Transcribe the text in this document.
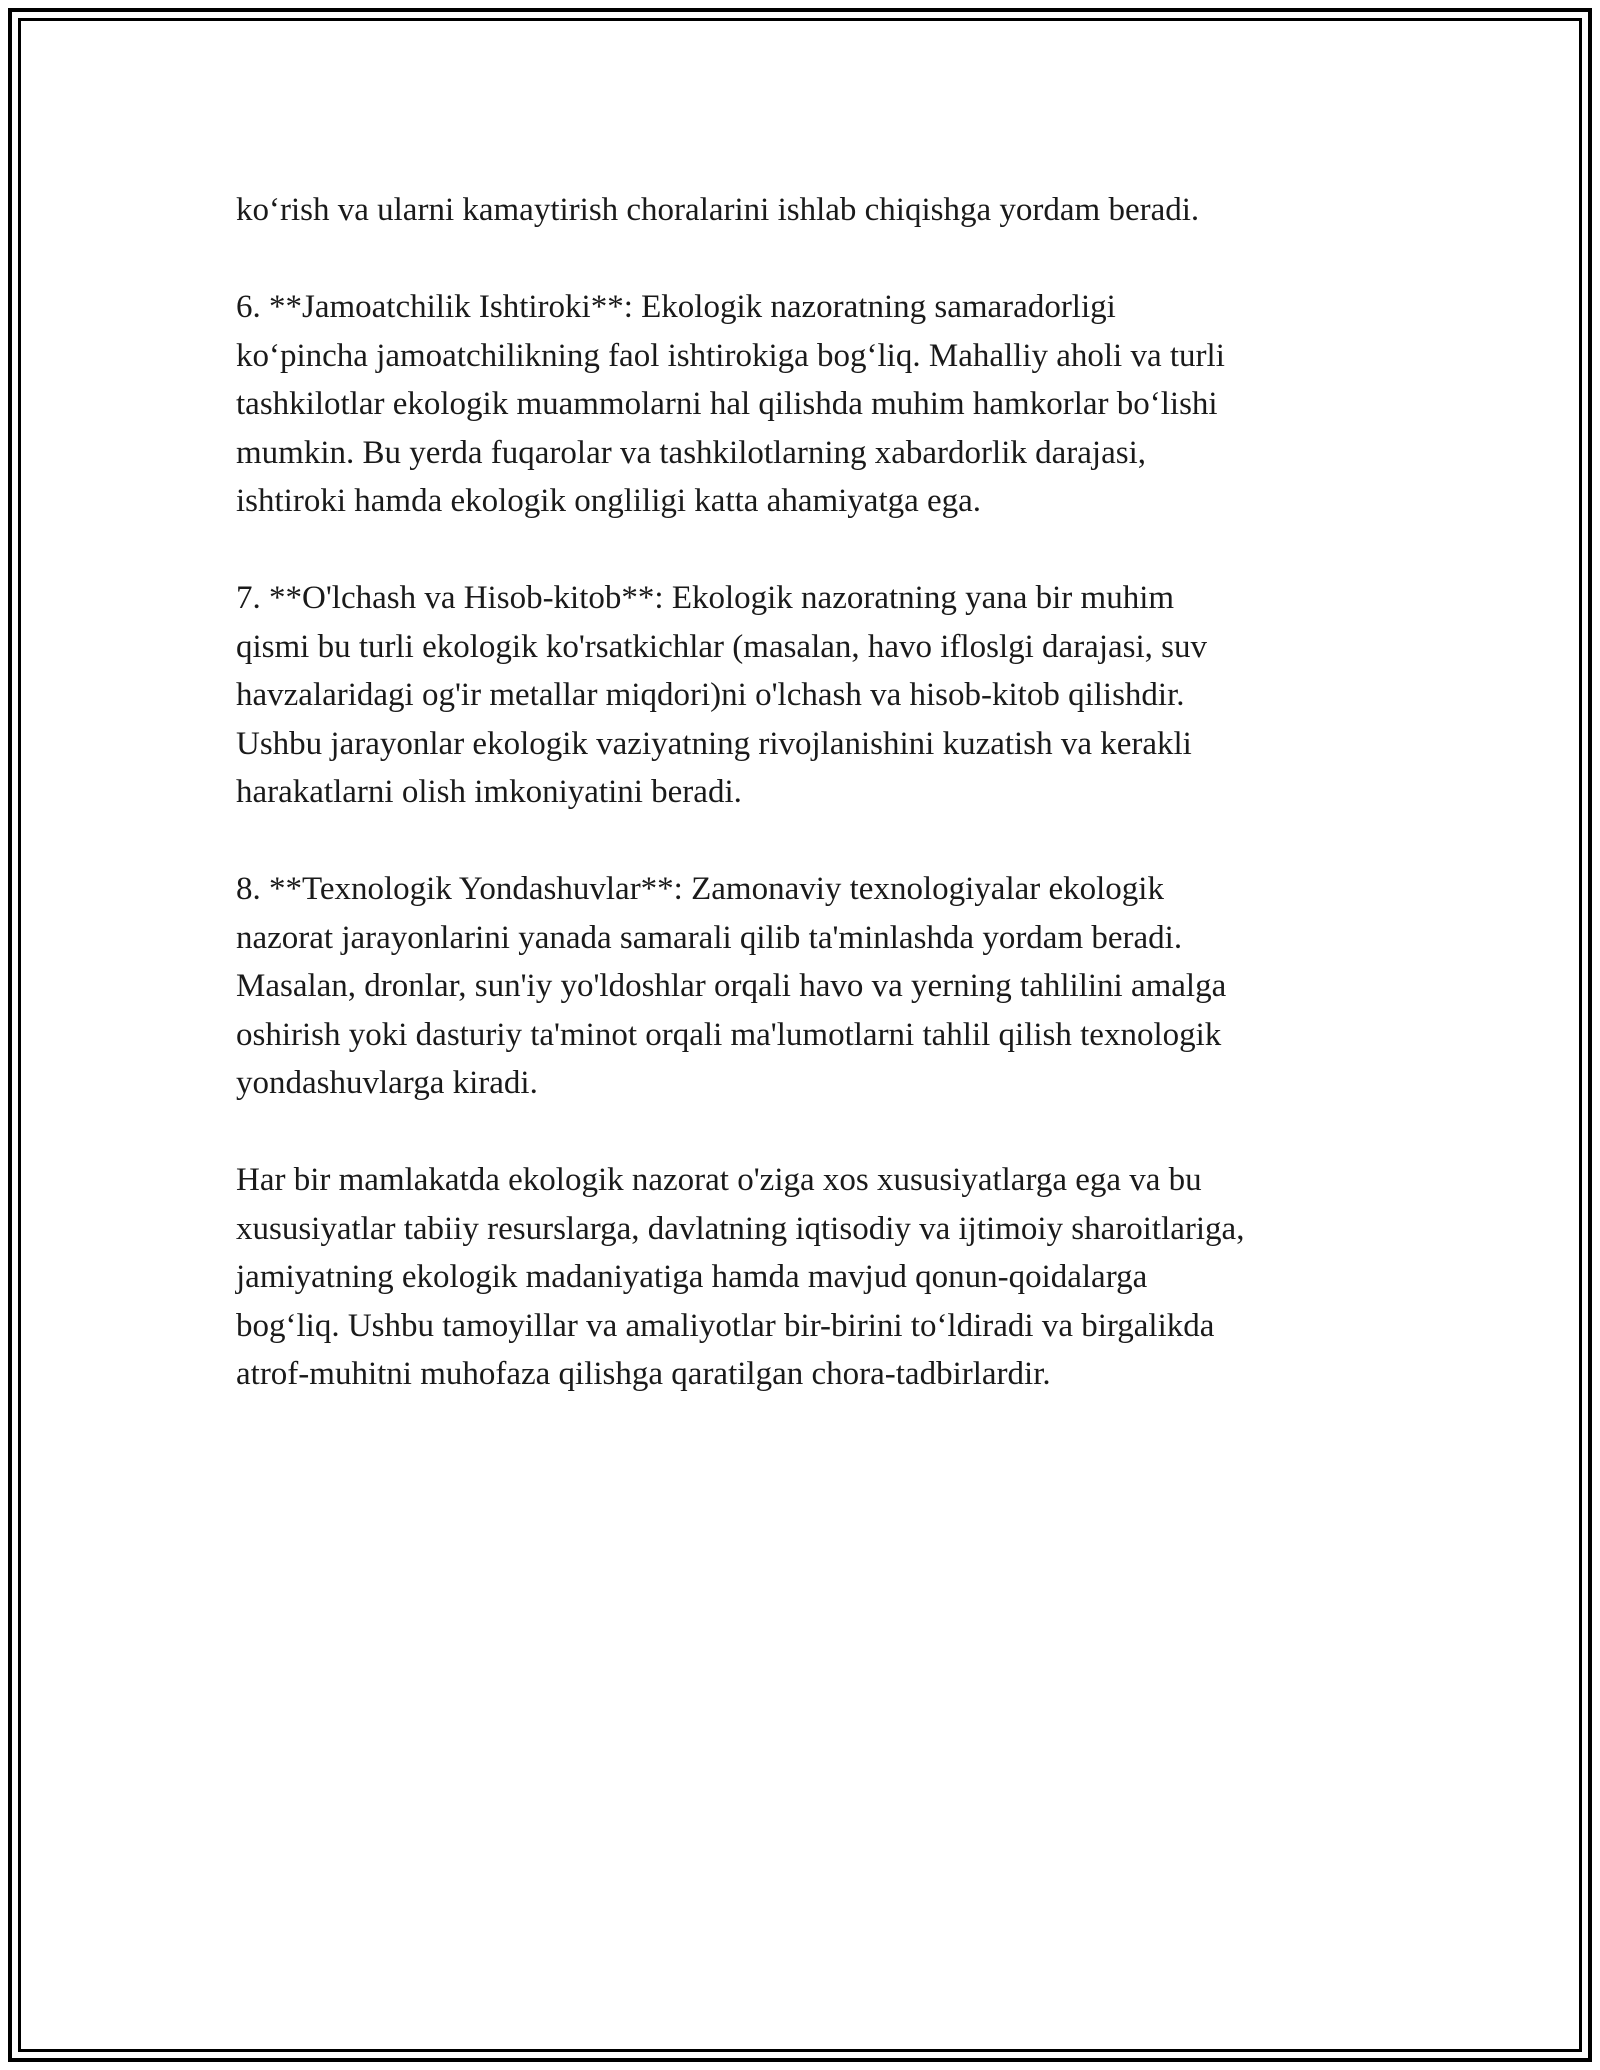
ko‘rish va ularni kamaytirish choralarini ishlab chiqishga yordam beradi.

6. **Jamoatchilik Ishtiroki**: Ekologik nazoratning samaradorligi
ko‘pincha jamoatchilikning faol ishtirokiga bog‘liq. Mahalliy aholi va turli
tashkilotlar ekologik muammolarni hal qilishda muhim hamkorlar bo‘lishi
mumkin. Bu yerda fuqarolar va tashkilotlarning xabardorlik darajasi,
ishtiroki hamda ekologik ongliligi katta ahamiyatga ega.

7. **O'lchash va Hisob-kitob**: Ekologik nazoratning yana bir muhim
qismi bu turli ekologik ko'rsatkichlar (masalan, havo ifloslgi darajasi, suv
havzalaridagi og'ir metallar miqdori)ni o'lchash va hisob-kitob qilishdir.
Ushbu jarayonlar ekologik vaziyatning rivojlanishini kuzatish va kerakli
harakatlarni olish imkoniyatini beradi.

8. **Texnologik Yondashuvlar**: Zamonaviy texnologiyalar ekologik
nazorat jarayonlarini yanada samarali qilib ta'minlashda yordam beradi.
Masalan, dronlar, sun'iy yo'ldoshlar orqali havo va yerning tahlilini amalga
oshirish yoki dasturiy ta'minot orqali ma'lumotlarni tahlil qilish texnologik
yondashuvlarga kiradi.

Har bir mamlakatda ekologik nazorat o'ziga xos xususiyatlarga ega va bu
xususiyatlar tabiiy resurslarga, davlatning iqtisodiy va ijtimoiy sharoitlariga,
jamiyatning ekologik madaniyatiga hamda mavjud qonun-qoidalarga
bog‘liq. Ushbu tamoyillar va amaliyotlar bir-birini to‘ldiradi va birgalikda
atrof-muhitni muhofaza qilishga qaratilgan chora-tadbirlardir.
